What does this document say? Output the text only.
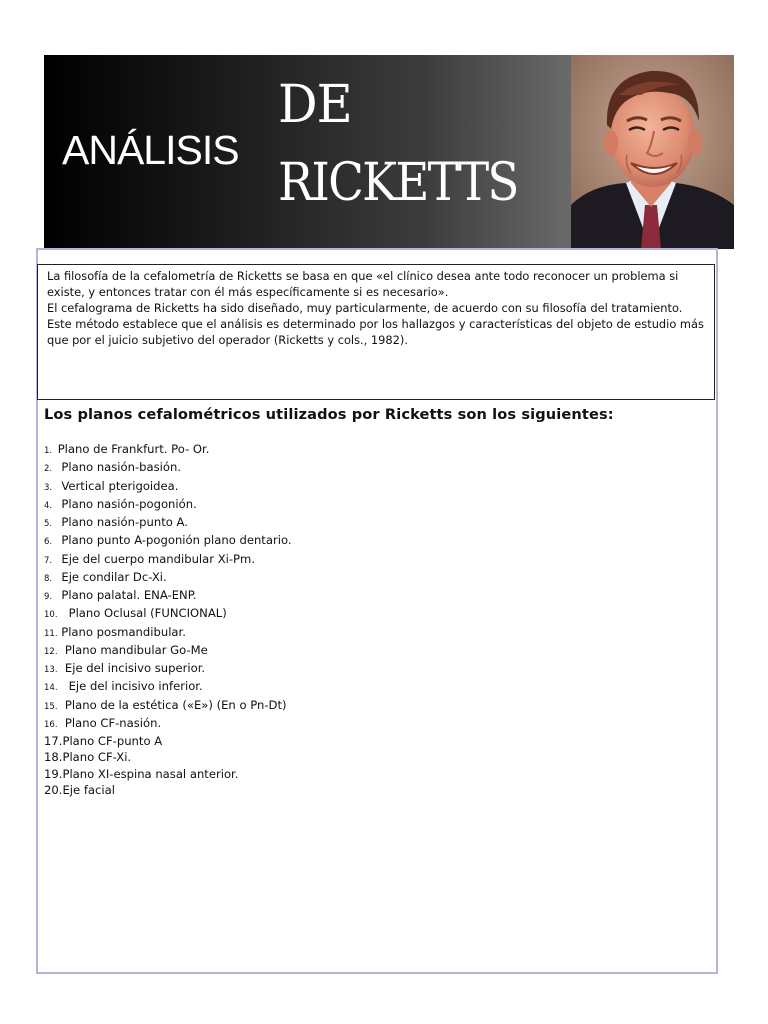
ANÁLISIS
DE
RICKETTS

La filosofía de la cefalometría de Ricketts se basa en que «el clínico desea ante todo reconocer un problema si existe, y entonces tratar con él más específicamente si es necesario».

El cefalograma de Ricketts ha sido diseñado, muy particularmente, de acuerdo con su filosofía del tratamiento.

Este método establece que el análisis es determinado por los hallazgos y características del objeto de estudio más que por el juicio subjetivo del operador (Ricketts y cols., 1982).

Los planos cefalométricos utilizados por Ricketts son los siguientes:
1. Plano de Frankfurt. Po- Or.
2. Plano nasión-basión.
3. Vertical pterigoidea.
4. Plano nasión-pogonión.
5. Plano nasión-punto A.
6. Plano punto A-pogonión plano dentario.
7. Eje del cuerpo mandibular Xi-Pm.
8. Eje condilar Dc-Xi.
9. Plano palatal. ENA-ENP.
10. Plano Oclusal (FUNCIONAL)
11. Plano posmandibular.
12. Plano mandibular Go-Me
13. Eje del incisivo superior.
14. Eje del incisivo inferior.
15. Plano de la estética («E») (En o Pn-Dt)
16. Plano CF-nasión.
17.Plano CF-punto A
18.Plano CF-Xi.
19.Plano XI-espina nasal anterior.
20.Eje facial
